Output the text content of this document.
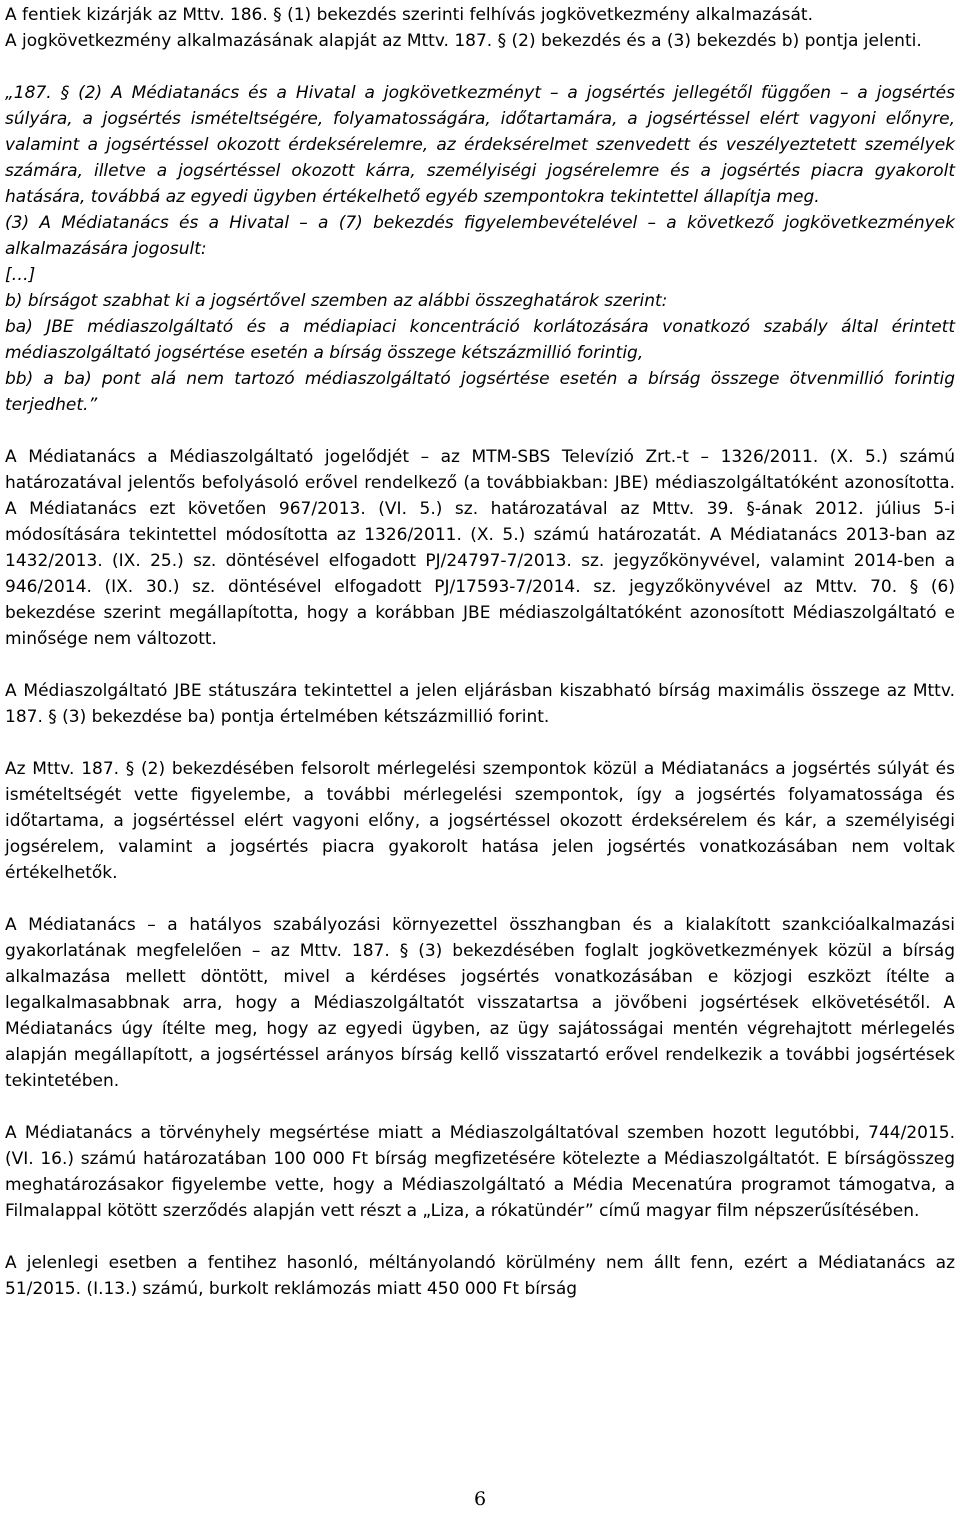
A fentiek kizárják az Mttv. 186. § (1) bekezdés szerinti felhívás jogkövetkezmény alkalmazását.

A jogkövetkezmény alkalmazásának alapját az Mttv. 187. § (2) bekezdés és a (3) bekezdés b) pontja jelenti.

„187. § (2) A Médiatanács és a Hivatal a jogkövetkezményt – a jogsértés jellegétől függően – a jogsértés súlyára, a jogsértés ismételtségére, folyamatosságára, időtartamára, a jogsértéssel elért vagyoni előnyre, valamint a jogsértéssel okozott érdeksérelemre, az érdeksérelmet szenvedett és veszélyeztetett személyek számára, illetve a jogsértéssel okozott kárra, személyiségi jogsérelemre és a jogsértés piacra gyakorolt hatására, továbbá az egyedi ügyben értékelhető egyéb szempontokra tekintettel állapítja meg.

(3) A Médiatanács és a Hivatal – a (7) bekezdés figyelembevételével – a következő jogkövetkezmények alkalmazására jogosult:

[…]

b) bírságot szabhat ki a jogsértővel szemben az alábbi összeghatárok szerint:

ba) JBE médiaszolgáltató és a médiapiaci koncentráció korlátozására vonatkozó szabály által érintett médiaszolgáltató jogsértése esetén a bírság összege kétszázmillió forintig,

bb) a ba) pont alá nem tartozó médiaszolgáltató jogsértése esetén a bírság összege ötvenmillió forintig terjedhet.”

A Médiatanács a Médiaszolgáltató jogelődjét – az MTM-SBS Televízió Zrt.-t – 1326/2011. (X. 5.) számú határozatával jelentős befolyásoló erővel rendelkező (a továbbiakban: JBE) médiaszolgáltatóként azonosította. A Médiatanács ezt követően 967/2013. (VI. 5.) sz. határozatával az Mttv. 39. §-ának 2012. július 5-i módosítására tekintettel módosította az 1326/2011. (X. 5.) számú határozatát. A Médiatanács 2013-ban az 1432/2013. (IX. 25.) sz. döntésével elfogadott PJ/24797-7/2013. sz. jegyzőkönyvével, valamint 2014-ben a 946/2014. (IX. 30.) sz. döntésével elfogadott PJ/17593-7/2014. sz. jegyzőkönyvével az Mttv. 70. § (6) bekezdése szerint megállapította, hogy a korábban JBE médiaszolgáltatóként azonosított Médiaszolgáltató e minősége nem változott.

A Médiaszolgáltató JBE státuszára tekintettel a jelen eljárásban kiszabható bírság maximális összege az Mttv. 187. § (3) bekezdése ba) pontja értelmében kétszázmillió forint.

Az Mttv. 187. § (2) bekezdésében felsorolt mérlegelési szempontok közül a Médiatanács a jogsértés súlyát és ismételtségét vette figyelembe, a további mérlegelési szempontok, így a jogsértés folyamatossága és időtartama, a jogsértéssel elért vagyoni előny, a jogsértéssel okozott érdeksérelem és kár, a személyiségi jogsérelem, valamint a jogsértés piacra gyakorolt hatása jelen jogsértés vonatkozásában nem voltak értékelhetők.

A Médiatanács – a hatályos szabályozási környezettel összhangban és a kialakított szankcióalkalmazási gyakorlatának megfelelően – az Mttv. 187. § (3) bekezdésében foglalt jogkövetkezmények közül a bírság alkalmazása mellett döntött, mivel a kérdéses jogsértés vonatkozásában e közjogi eszközt ítélte a legalkalmasabbnak arra, hogy a Médiaszolgáltatót visszatartsa a jövőbeni jogsértések elkövetésétől. A Médiatanács úgy ítélte meg, hogy az egyedi ügyben, az ügy sajátosságai mentén végrehajtott mérlegelés alapján megállapított, a jogsértéssel arányos bírság kellő visszatartó erővel rendelkezik a további jogsértések tekintetében.

A Médiatanács a törvényhely megsértése miatt a Médiaszolgáltatóval szemben hozott legutóbbi, 744/2015. (VI. 16.) számú határozatában 100 000 Ft bírság megfizetésére kötelezte a Médiaszolgáltatót. E bírságösszeg meghatározásakor figyelembe vette, hogy a Médiaszolgáltató a Média Mecenatúra programot támogatva, a Filmalappal kötött szerződés alapján vett részt a „Liza, a rókatündér” című magyar film népszerűsítésében.

A jelenlegi esetben a fentihez hasonló, méltányolandó körülmény nem állt fenn, ezért a Médiatanács az 51/2015. (I.13.) számú, burkolt reklámozás miatt 450 000 Ft bírság

6
